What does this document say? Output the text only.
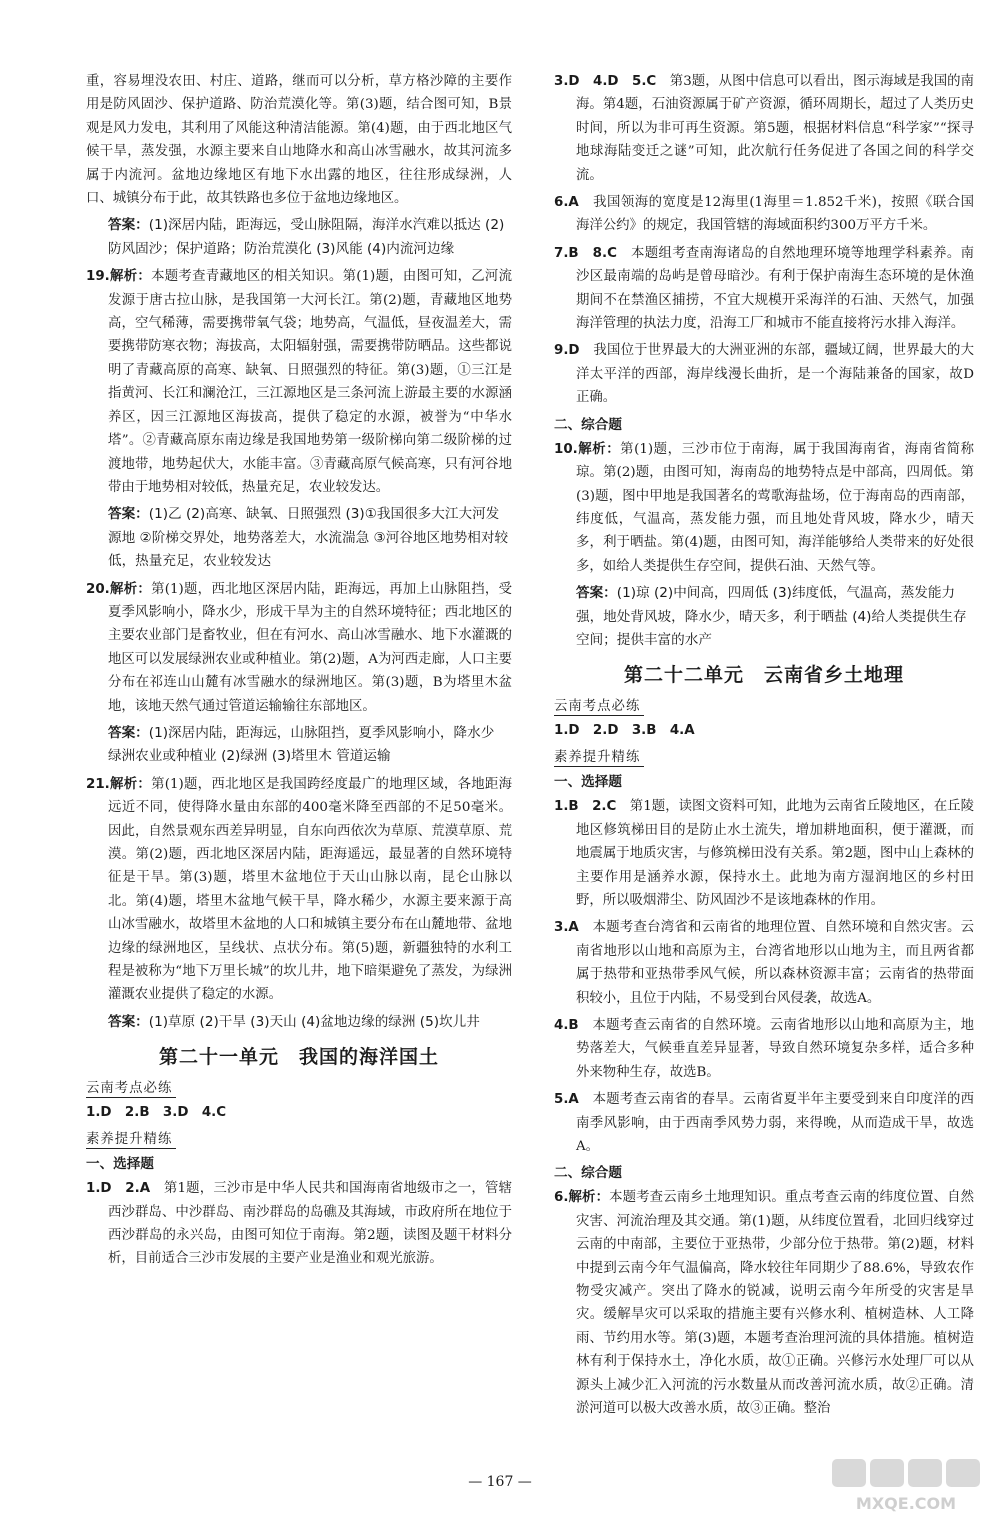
重，容易埋没农田、村庄、道路，继而可以分析，草方格沙障的主要作用是防风固沙、保护道路、防治荒漠化等。第(3)题，结合图可知，B景观是风力发电，其利用了风能这种清洁能源。第(4)题，由于西北地区气候干旱，蒸发强，水源主要来自山地降水和高山冰雪融水，故其河流多属于内流河。盆地边缘地区有地下水出露的地区，往往形成绿洲，人口、城镇分布于此，故其铁路也多位于盆地边缘地区。

答案：(1)深居内陆，距海远，受山脉阻隔，海洋水汽难以抵达 (2)防风固沙；保护道路；防治荒漠化 (3)风能 (4)内流河边缘

19.解析：本题考查青藏地区的相关知识。第(1)题，由图可知，乙河流发源于唐古拉山脉，是我国第一大河长江。第(2)题，青藏地区地势高，空气稀薄，需要携带氧气袋；地势高，气温低，昼夜温差大，需要携带防寒衣物；海拔高，太阳辐射强，需要携带防晒品。这些都说明了青藏高原的高寒、缺氧、日照强烈的特征。第(3)题，①三江是指黄河、长江和澜沧江，三江源地区是三条河流上游最主要的水源涵养区，因三江源地区海拔高，提供了稳定的水源，被誉为“中华水塔”。②青藏高原东南边缘是我国地势第一级阶梯向第二级阶梯的过渡地带，地势起伏大，水能丰富。③青藏高原气候高寒，只有河谷地带由于地势相对较低，热量充足，农业较发达。

答案：(1)乙 (2)高寒、缺氧、日照强烈 (3)①我国很多大江大河发源地 ②阶梯交界处，地势落差大，水流湍急 ③河谷地区地势相对较低，热量充足，农业较发达

20.解析：第(1)题，西北地区深居内陆，距海远，再加上山脉阻挡，受夏季风影响小，降水少，形成干旱为主的自然环境特征；西北地区的主要农业部门是畜牧业，但在有河水、高山冰雪融水、地下水灌溉的地区可以发展绿洲农业或种植业。第(2)题，A为河西走廊，人口主要分布在祁连山山麓有冰雪融水的绿洲地区。第(3)题，B为塔里木盆地，该地天然气通过管道运输输往东部地区。

答案：(1)深居内陆，距海远，山脉阻挡，夏季风影响小，降水少 绿洲农业或种植业 (2)绿洲 (3)塔里木 管道运输

21.解析：第(1)题，西北地区是我国跨经度最广的地理区域，各地距海远近不同，使得降水量由东部的400毫米降至西部的不足50毫米。因此，自然景观东西差异明显，自东向西依次为草原、荒漠草原、荒漠。第(2)题，西北地区深居内陆，距海遥远，最显著的自然环境特征是干旱。第(3)题，塔里木盆地位于天山山脉以南，昆仑山脉以北。第(4)题，塔里木盆地气候干旱，降水稀少，水源主要来源于高山冰雪融水，故塔里木盆地的人口和城镇主要分布在山麓地带、盆地边缘的绿洲地区，呈线状、点状分布。第(5)题，新疆独特的水利工程是被称为“地下万里长城”的坎儿井，地下暗渠避免了蒸发，为绿洲灌溉农业提供了稳定的水源。

答案：(1)草原 (2)干旱 (3)天山 (4)盆地边缘的绿洲 (5)坎儿井
第二十一单元　我国的海洋国土
云南考点必练
1.D　2.B　3.D　4.C
素养提升精练
一、选择题

1.D　2.A　 第1题，三沙市是中华人民共和国海南省地级市之一，管辖西沙群岛、中沙群岛、南沙群岛的岛礁及其海域，市政府所在地位于西沙群岛的永兴岛，由图可知位于南海。第2题，读图及题干材料分析，目前适合三沙市发展的主要产业是渔业和观光旅游。

3.D　4.D　5.C　 第3题，从图中信息可以看出，图示海域是我国的南海。第4题，石油资源属于矿产资源，循环周期长，超过了人类历史时间，所以为非可再生资源。第5题，根据材料信息“科学家”“探寻地球海陆变迁之谜”可知，此次航行任务促进了各国之间的科学交流。

6.A　 我国领海的宽度是12海里(1海里＝1.852千米)，按照《联合国海洋公约》的规定，我国管辖的海域面积约300万平方千米。

7.B　8.C　 本题组考查南海诸岛的自然地理环境等地理学科素养。南沙区最南端的岛屿是曾母暗沙。有利于保护南海生态环境的是休渔期间不在禁渔区捕捞，不宜大规模开采海洋的石油、天然气，加强海洋管理的执法力度，沿海工厂和城市不能直接将污水排入海洋。

9.D　 我国位于世界最大的大洲亚洲的东部，疆域辽阔，世界最大的大洋太平洋的西部，海岸线漫长曲折，是一个海陆兼备的国家，故D正确。

二、综合题

10.解析：第(1)题，三沙市位于南海，属于我国海南省，海南省简称琼。第(2)题，由图可知，海南岛的地势特点是中部高，四周低。第(3)题，图中甲地是我国著名的莺歌海盐场，位于海南岛的西南部，纬度低，气温高，蒸发能力强，而且地处背风坡，降水少，晴天多，利于晒盐。第(4)题，由图可知，海洋能够给人类带来的好处很多，如给人类提供生存空间，提供石油、天然气等。

答案：(1)琼 (2)中间高，四周低 (3)纬度低，气温高，蒸发能力强，地处背风坡，降水少，晴天多，利于晒盐 (4)给人类提供生存空间；提供丰富的水产
第二十二单元　云南省乡土地理
云南考点必练
1.D　2.D　3.B　4.A
素养提升精练
一、选择题

1.B　2.C　 第1题，读图文资料可知，此地为云南省丘陵地区，在丘陵地区修筑梯田目的是防止水土流失，增加耕地面积，便于灌溉，而地震属于地质灾害，与修筑梯田没有关系。第2题，图中山上森林的主要作用是涵养水源，保持水土。此地为南方湿润地区的乡村田野，所以吸烟滞尘、防风固沙不是该地森林的作用。

3.A　 本题考查台湾省和云南省的地理位置、自然环境和自然灾害。云南省地形以山地和高原为主，台湾省地形以山地为主，而且两省都属于热带和亚热带季风气候，所以森林资源丰富；云南省的热带面积较小，且位于内陆，不易受到台风侵袭，故选A。

4.B　 本题考查云南省的自然环境。云南省地形以山地和高原为主，地势落差大，气候垂直差异显著，导致自然环境复杂多样，适合多种外来物种生存，故选B。

5.A　 本题考查云南省的春旱。云南省夏半年主要受到来自印度洋的西南季风影响，由于西南季风势力弱，来得晚，从而造成干旱，故选A。

二、综合题

6.解析：本题考查云南乡土地理知识。重点考查云南的纬度位置、自然灾害、河流治理及其交通。第(1)题，从纬度位置看，北回归线穿过云南的中南部，主要位于亚热带，少部分位于热带。第(2)题，材料中提到云南今年气温偏高，降水较往年同期少了88.6%，导致农作物受灾减产。突出了降水的锐减，说明云南今年所受的灾害是旱灾。缓解旱灾可以采取的措施主要有兴修水利、植树造林、人工降雨、节约用水等。第(3)题，本题考查治理河流的具体措施。植树造林有利于保持水土，净化水质，故①正确。兴修污水处理厂可以从源头上减少汇入河流的污水数量从而改善河流水质，故②正确。清淤河道可以极大改善水质，故③正确。整治

— 167 —
MXQE.COM
